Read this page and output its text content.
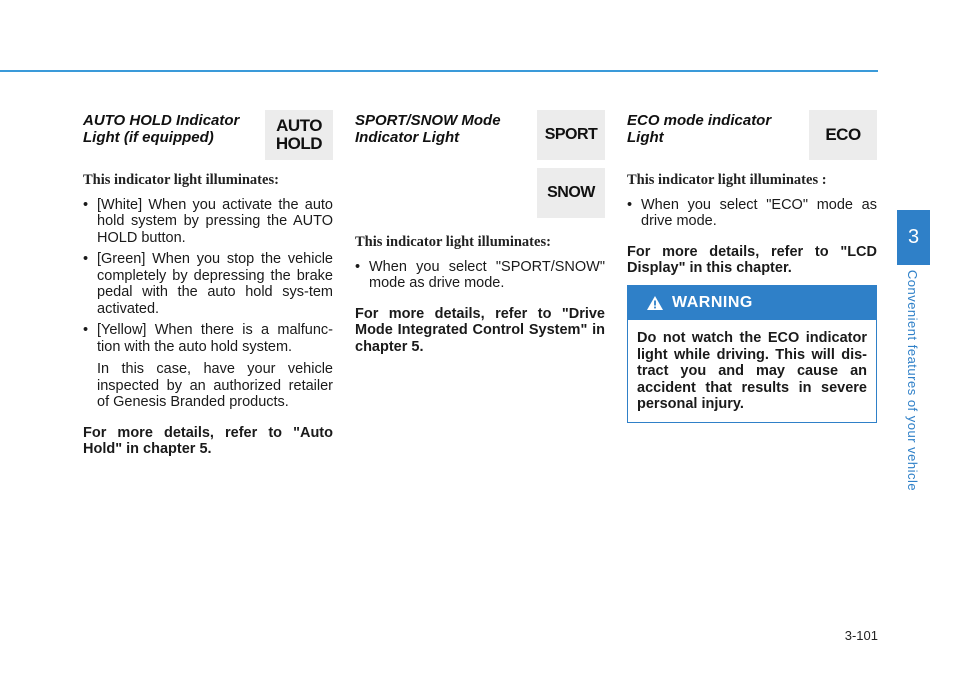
AUTO HOLD Indicator Light (if equipped)
AUTO
HOLD
This indicator light illuminates:
• [White] When you activate the auto hold system by pressing the AUTO HOLD button.
• [Green] When you stop the vehicle completely by depressing the brake pedal with the auto hold sys-tem activated.
• [Yellow] When there is a malfunc-tion with the auto hold system.
In this case, have your vehicle inspected by an authorized retailer of Genesis Branded products.
For more details, refer to "Auto Hold" in chapter 5.
SPORT/SNOW Mode Indicator Light	SPORT
SNOW
This indicator light illuminates:
• When you select "SPORT/SNOW" mode as drive mode.
For more details, refer to "Drive Mode Integrated Control System" in chapter 5.
ECO mode indicator Light	ECO
This indicator light illuminates :
• When you select "ECO" mode as drive mode.
For more details, refer to "LCD Display" in this chapter.
WARNING
Do not watch the ECO indicator light while driving. This will dis-tract you and may cause an accident that results in severe personal injury.
3
Convenient features of your vehicle
3-101
